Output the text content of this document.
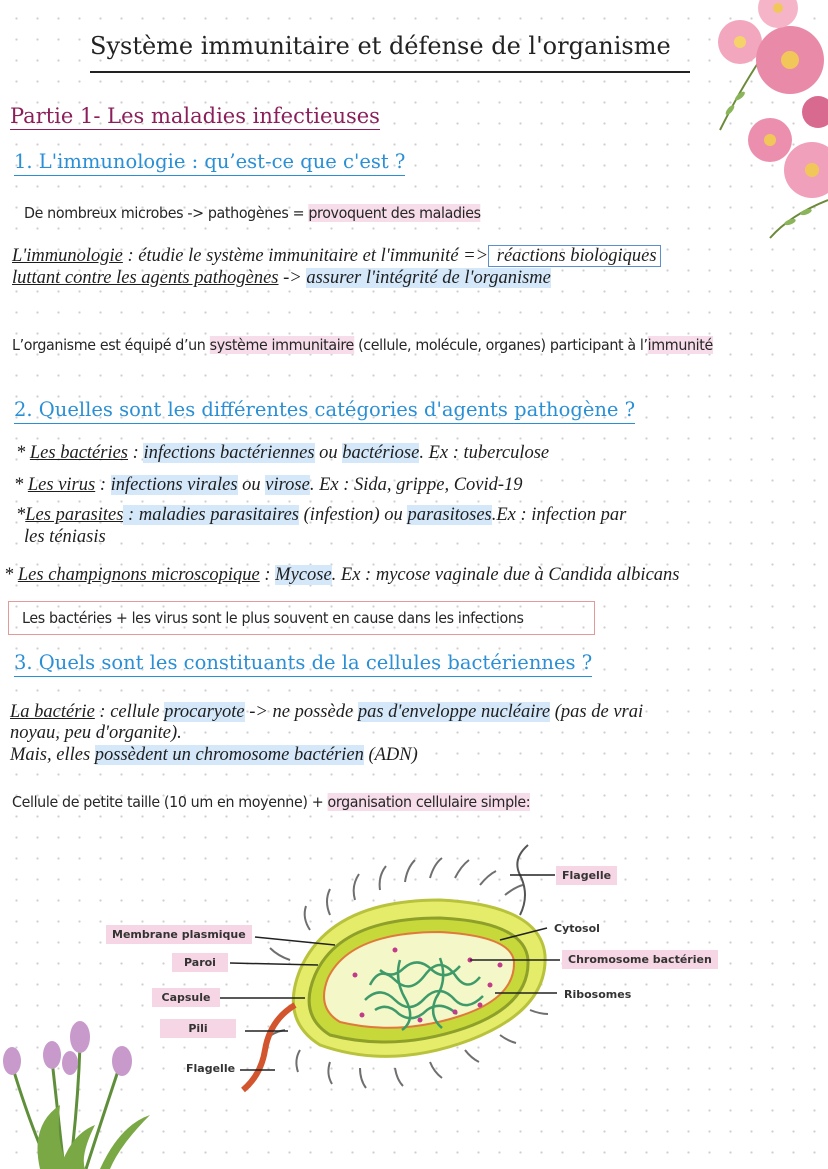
Système immunitaire et défense de l'organisme
Partie 1- Les maladies infectieuses
1. L'immunologie : qu’est-ce que c'est ?
De nombreux microbes -> pathogènes = provoquent des maladies
L'immunologie : étudie le système immunitaire et l'immunité => réactions biologiques
luttant contre les agents pathogènes -> assurer l'intégrité de l'organisme
L’organisme est équipé d’un système immunitaire (cellule, molécule, organes) participant à l’immunité
2. Quelles sont les différentes catégories d'agents pathogène ?
* Les bactéries : infections bactériennes ou bactériose. Ex : tuberculose
* Les virus : infections virales ou virose. Ex : Sida, grippe, Covid-19
*Les parasites : maladies parasitaires (infestion) ou parasitoses.Ex : infection par
les téniasis
* Les champignons microscopique : Mycose. Ex : mycose vaginale due à Candida albicans
Les bactéries + les virus sont le plus souvent en cause dans les infections
3. Quels sont les constituants de la cellules bactériennes ?
La bactérie : cellule procaryote -> ne possède pas d'enveloppe nucléaire (pas de vrai
noyau, peu d'organite).
Mais, elles possèdent un chromosome bactérien (ADN)
Cellule de petite taille (10 um en moyenne) + organisation cellulaire simple:
Flagelle
Cytosol
Chromosome bactérien
Ribosomes
Membrane plasmique
Paroi
Capsule
Pili
Flagelle
